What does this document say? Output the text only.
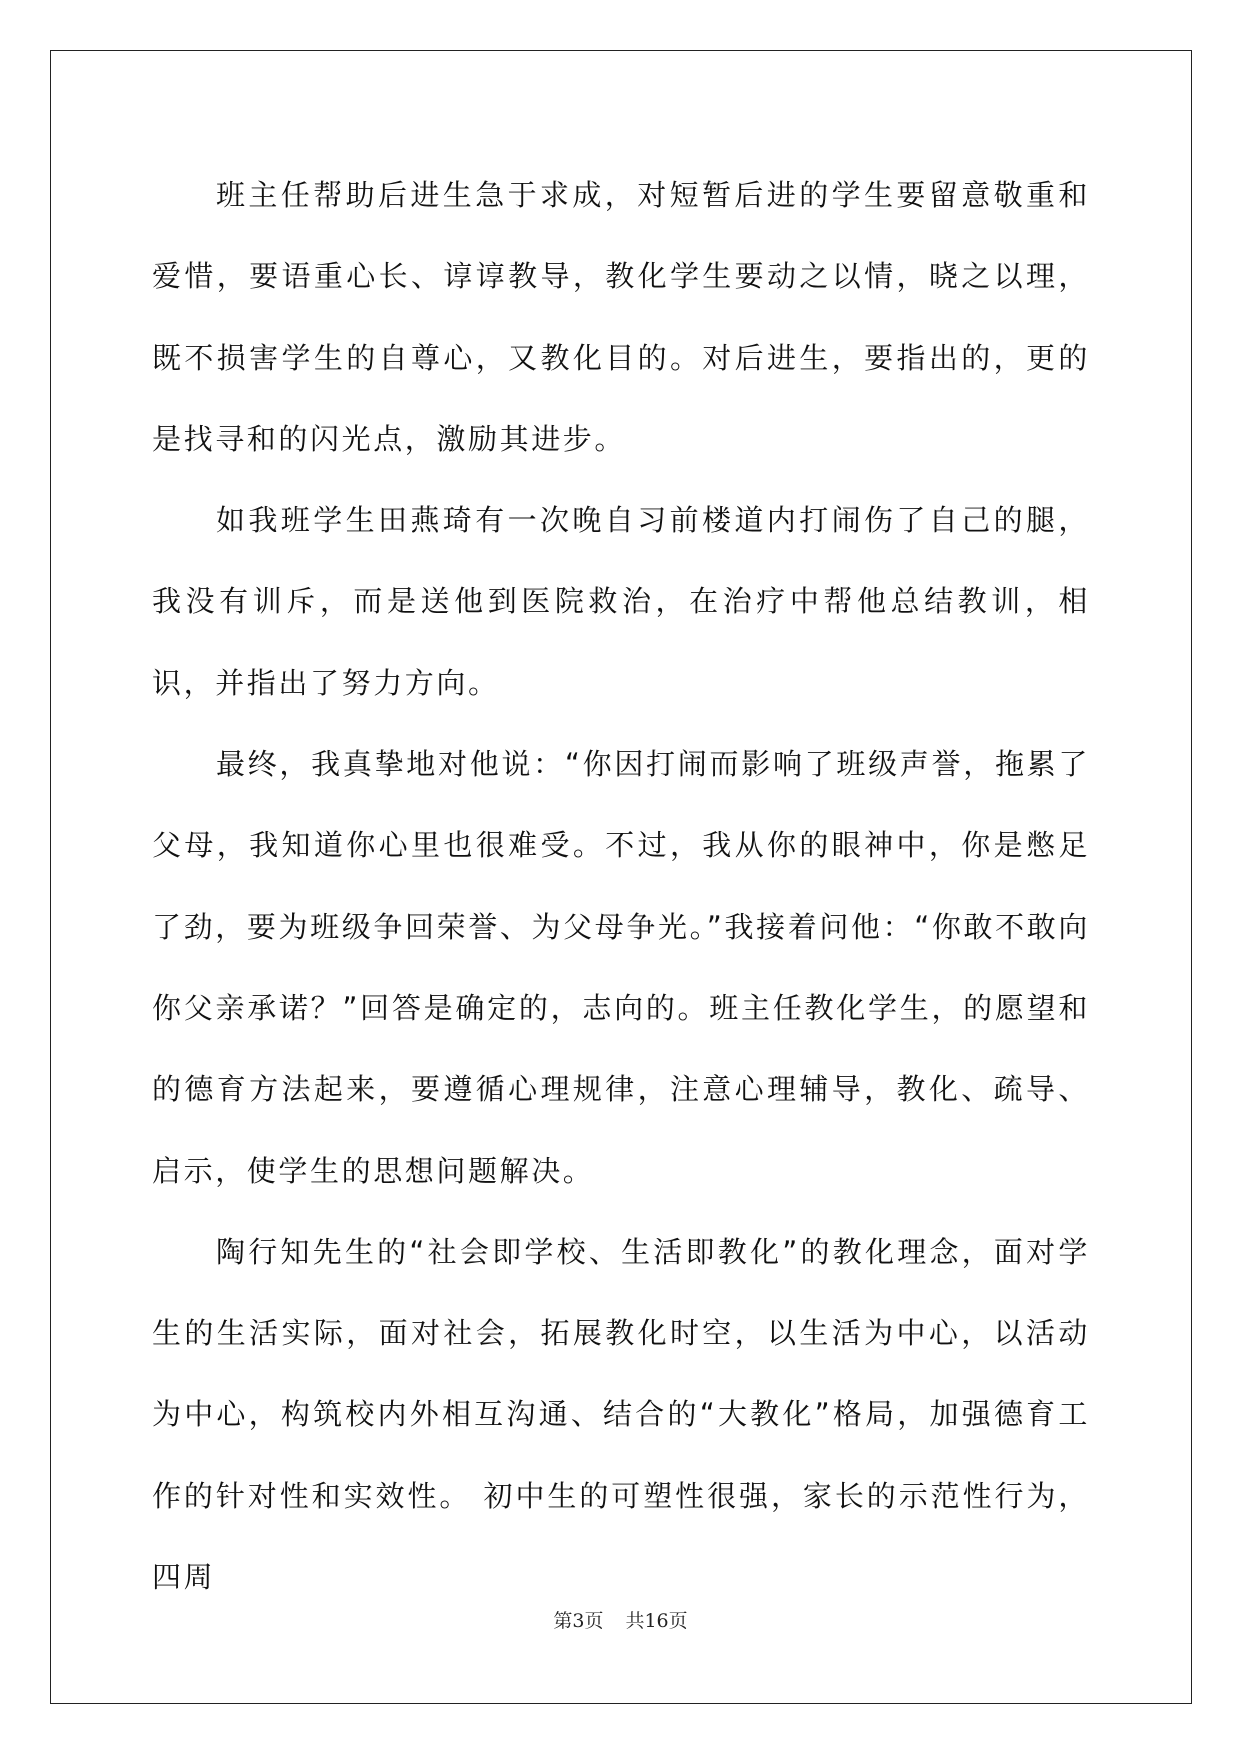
班主任帮助后进生急于求成，对短暂后进的学生要留意敬重和爱惜，要语重心长、谆谆教导，教化学生要动之以情，晓之以理，既不损害学生的自尊心，又教化目的。对后进生，要指出的，更的是找寻和的闪光点，激励其进步。

如我班学生田燕琦有一次晚自习前楼道内打闹伤了自己的腿，我没有训斥，而是送他到医院救治，在治疗中帮他总结教训，相识，并指出了努力方向。

最终，我真挚地对他说：“你因打闹而影响了班级声誉，拖累了父母，我知道你心里也很难受。不过，我从你的眼神中，你是憋足了劲，要为班级争回荣誉、为父母争光。”我接着问他：“你敢不敢向你父亲承诺？”回答是确定的，志向的。班主任教化学生，的愿望和的德育方法起来，要遵循心理规律，注意心理辅导，教化、疏导、启示，使学生的思想问题解决。

陶行知先生的“社会即学校、生活即教化”的教化理念，面对学生的生活实际，面对社会，拓展教化时空，以生活为中心，以活动为中心，构筑校内外相互沟通、结合的“大教化”格局，加强德育工作的针对性和实效性。 初中生的可塑性很强，家长的示范性行为，四周

第3页 共16页
